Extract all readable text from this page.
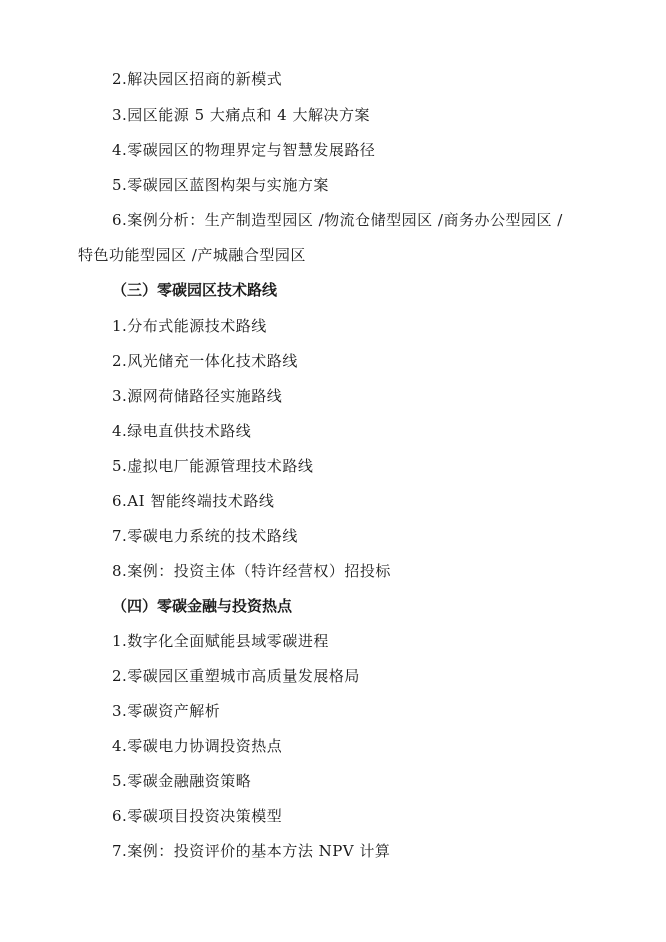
2.解决园区招商的新模式
3.园区能源 5 大痛点和 4 大解决方案
4.零碳园区的物理界定与智慧发展路径
5.零碳园区蓝图构架与实施方案
6.案例分析：生产制造型园区 /物流仓储型园区 /商务办公型园区 /
特色功能型园区 /产城融合型园区
（三）零碳园区技术路线
1.分布式能源技术路线
2.风光储充一体化技术路线
3.源网荷储路径实施路线
4.绿电直供技术路线
5.虚拟电厂能源管理技术路线
6.AI 智能终端技术路线
7.零碳电力系统的技术路线
8.案例：投资主体（特许经营权）招投标
（四）零碳金融与投资热点
1.数字化全面赋能县域零碳进程
2.零碳园区重塑城市高质量发展格局
3.零碳资产解析
4.零碳电力协调投资热点
5.零碳金融融资策略
6.零碳项目投资决策模型
7.案例：投资评价的基本方法 NPV 计算
